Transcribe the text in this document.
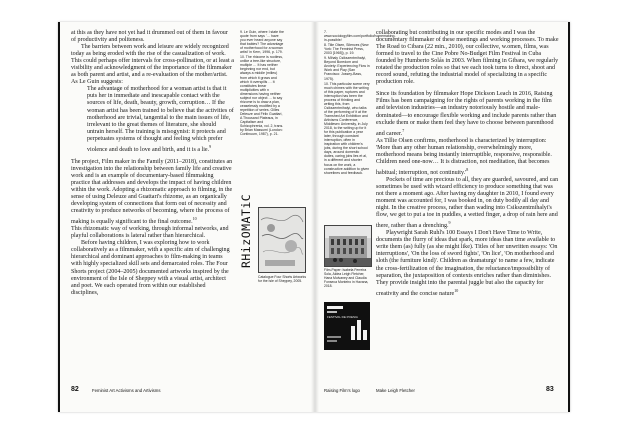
at this as they have not yet had it drummed out of them in favour of productivity and politeness.

The barriers between work and leisure are widely recognized today as being eroded with the rise of the casualization of work. This could perhaps offer intervals for cross-pollination, or at least a visibility and acknowledgment of the importance of the filmmaker as both parent and artist, and a re-evaluation of the mother/artist. As Le Guin suggests:

The advantage of motherhood for a woman artist is that it puts her in immediate and inescapable contact with the sources of life, death, beauty, growth, corruption… If the woman artist has been trained to believe that the activities of motherhood are trivial, tangential to the main issues of life, irrelevant to the great themes of literature, she should untrain herself. The training is misogynist: it protects and perpetuates systems of thought and feeling which prefer violence and death to love and birth, and it is a lie.$^9$

The project, Film maker in the Family (2011–2018), constitutes an investigation into the relationship between family life and creative work and is an example of documentary-based filmmaking practice that addresses and develops the impact of having children within the work. Adopting a rhizomatic approach to filming, in the sense of using Deleuze and Guattari's rhizome, as an organically developing system of connections that form out of necessity and creativity to produce networks of becoming, where the process of making is equally significant to the final outcome.$^{10}$

This rhizomatic way of working, through informal networks, and playful collaborations is lateral rather than hierarchical.

Before having children, I was exploring how to work collaboratively as a filmmaker, with a specific aim of challenging hierarchical and dominant approaches to film-making in teams with highly specialized skill sets and demarcated roles. The Four Shorts project (2004–2005) documented artworks inspired by the environment of the Isle of Sheppey with a visual artist, architect and poet. We each operated from within our established disciplines,

9. Le Guin, where I state the quote from says '… have you ever heard anyone say that babies? The advantage of motherhood for a woman artist' in Kern, 1996, p. 179.

10. The rhizome is rootless, unlike a tree-like structure, multiple … It has neither beginning nor end, but always a middle (milieu) from which it grows and which it overspills … It constitutes linear multiplicities with n dimensions having neither subject nor object … to say rhizome is to draw a plan, ceaselessly modified by a repetition of series. Gilles Deleuze and Félix Guattari, A Thousand Plateaus, in Capitalism and Schizophrenia, vol. 2, trans. by Brian Massumi (London: Continuum, 1987), p. 21.

RHizOMATiC
Catalogue Four Shorts Artworks for the Isle of Sheppey, 2005.
82	Feminist Art Activisms and Artivisms

7. www.sociologyfilm.com/portfolio/homemaking-in-possible/

8. Tilie Olsen, Silences (New York: The Feminist Press, 2003 [1965]), p. 19.

9. Mihaly Csikszentmihalyi, Beyond Boredom and Anxiety: Experiencing Flow in Work and Play (San Francisco: Jossey-Bass, 1975).

10. This particular scene very much chimes with the writing of this paper, ruptures and interruption has been the process of thinking and writing this, from Csikszentmihalyi, who talks of the performing of it at the Tramshed Art Exhibition and Artivisms Conference, Middlesex University, in July 2018, to the writing up for it for this publication a year later, through constant interruption, often in inspiration with children's jobs, during the short school days, around domestic duties, caring jobs lies et al, in a different and shorter focus on the work, a constructive addition to given shorelines and feedback.

Film-Paper: Isabela Ferreira Sola, Aldea Leigh Fletcher, Hana Mulvaney and Claudia Fonseca Monteiro in Havana, 2018.
FESTIVAL DE POESIA

collaborating but contributing in our specific modes and I was the documentary filmmaker of these meetings and working processes. To make The Road to Cibara (22 min., 2010), our collective, w.omen, films, was formed to travel to the Cine Pobre No-Budget Film Festival in Cuba founded by Humberto Solás in 2003. When filming in Gibara, we regularly rotated the production roles so that we each took turns to direct, shoot and record sound, refuting the industrial model of specializing in a specific production role.

Since its foundation by filmmaker Hope Dickson Leach in 2016, Raising Films has been campaigning for the rights of parents working in the film and television industries—an industry notoriously hostile and male-dominated—to encourage flexible working and include parents rather than exclude them or make them feel they have to choose between parenthood and career.$^7$

As Tillie Olsen confirms, motherhood is characterized by interruption: 'More than any other human relationship, overwhelmingly more, motherhood means being instantly interruptible, responsive, responsible. Children need one-now… It is distraction, not meditation, that becomes habitual; interruption, not $continuity.'^8$

Pockets of time are precious to all, they are guarded, savoured, and can sometimes be used with wizard efficiency to produce something that was not there a moment ago. After having my daughter in 2010, I found every moment was accounted for, I was booked in, on duty bodily all day and night. In the creative process, rather than wading into Csikszentmihalyi's flow, we get to put a toe in puddles, a wetted finger, a drop of rain here and there, rather than a drenching.$^9$

Playwright Sarah Ruhl's 100 Essays I Don't Have Time to Write, documents the flurry of ideas that spark, more ideas than time available to write them (as) fully (as she might like). Titles of her unwritten essays: 'On interruptions', 'On the loss of sword fights', 'On lice', 'On motherhood and sloth (the furniture kind)'. Children as dramaturgs' to name a few, indicate the cross-fertilization of the imagination, the reluctance/impossibility of separation, the juxtaposition of contexts enriches rather than diminishes. They provide insight into the parental juggle but also the capacity for creativity and the concise nature$^{10}$

Raising Film's logo	Make Leigh Fletcher	83
